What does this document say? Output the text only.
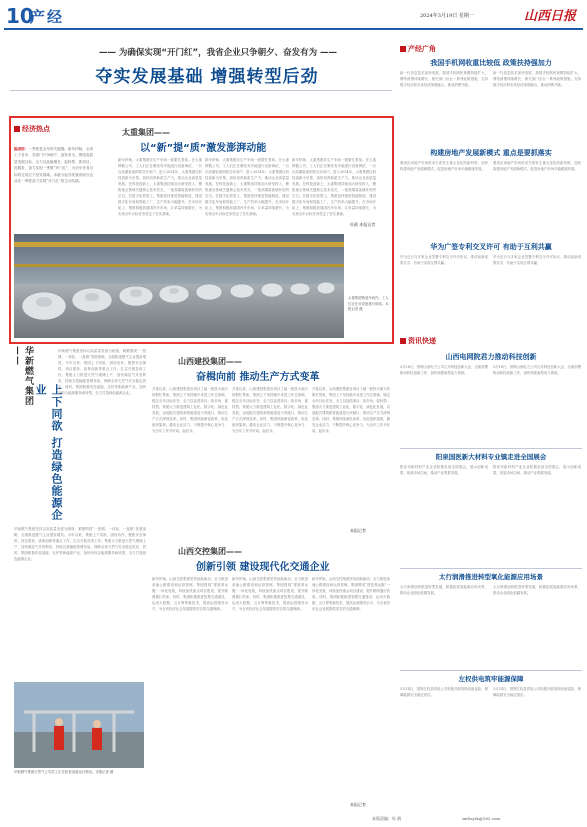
10
产经	2024年3月19日 星期一	山西日报
—— 为确保实现“开门红”，我省企业只争朝夕、奋发有为 ——
夺实发展基础 增强转型后劲
经济热点
编者按：一季度是全年的关键期。新年伊始，全省上下各市、各部门只争朝夕、奋发有为，围绕高质量发展目标，全力以赴稳增长、促转型、抓项目、优服务，奋力实现一季度“开门红”，为全年任务目标的完成打下坚实基础。本版今起刊发我省部分企业在一季度奋力实现“开门红”的生动实践。
太重集团——
以“新”提“质”激发澎湃动能
新年伊始，太重集团各生产车间一派繁忙景象。在太重铸锻公司，工人们正在紧张有序地进行设备调试，一台台高端装备即将交付用户。进入2024年，太重集团以科技创新为引领，加快培育新质生产力，推动企业高质量发展。在科技创新上，太重集团持续加大研发投入，聚焦重点领域关键核心技术攻关，一批高端装备填补国内空白。在数字化转型上，集团加快推进智能制造，建设数字化车间和智能工厂，生产效率大幅提升。在市场开拓上，集团积极拓展国内外市场，订单量持续增长，为实现全年目标任务奠定了坚实基础。
新年伊始，太重集团各生产车间一派繁忙景象。在太重铸锻公司，工人们正在紧张有序地进行设备调试，一台台高端装备即将交付用户。进入2024年，太重集团以科技创新为引领，加快培育新质生产力，推动企业高质量发展。在科技创新上，太重集团持续加大研发投入，聚焦重点领域关键核心技术攻关，一批高端装备填补国内空白。在数字化转型上，集团加快推进智能制造，建设数字化车间和智能工厂，生产效率大幅提升。在市场开拓上，集团积极拓展国内外市场，订单量持续增长，为实现全年目标任务奠定了坚实基础。
新年伊始，太重集团各生产车间一派繁忙景象。在太重铸锻公司，工人们正在紧张有序地进行设备调试，一台台高端装备即将交付用户。进入2024年，太重集团以科技创新为引领，加快培育新质生产力，推动企业高质量发展。在科技创新上，太重集团持续加大研发投入，聚焦重点领域关键核心技术攻关，一批高端装备填补国内空白。在数字化转型上，集团加快推进智能制造，建设数字化车间和智能工厂，生产效率大幅提升。在市场开拓上，集团积极拓展国内外市场，订单量持续增长，为实现全年目标任务奠定了坚实基础。
杜鹃 本报记者
太重集团铸造车间内，工人们正在对设备进行调试。本报记者 摄
华新燃气集团——
上下同欲 打造绿色能源企业
华新燃气集团坚持以高质量发展为统领，紧紧围绕“一张网、一体化、一盘棋”发展战略，全面推进燃气主业提质增效。今年以来，集团上下同欲、团结协作，聚焦安全保供、项目建设、改革创新等重点工作，扎实开展各项工作。集团大力推进天然气增储上产，加快煤层气开发利用，持续完善输配管网布局，保障全省天然气安全稳定供应。同时，集团积极布局氢能、光伏等新能源产业，加快向综合能源服务商转型，全力打造绿色能源企业。
华新燃气集团坚持以高质量发展为统领，紧紧围绕“一张网、一体化、一盘棋”发展战略，全面推进燃气主业提质增效。今年以来，集团上下同欲、团结协作，聚焦安全保供、项目建设、改革创新等重点工作，扎实开展各项工作。集团大力推进天然气增储上产，加快煤层气开发利用，持续完善输配管网布局，保障全省天然气安全稳定供应。同时，集团积极布局氢能、光伏等新能源产业，加快向综合能源服务商转型，全力打造绿色能源企业。
华新燃气集团天然气公司员工正在检查设备运行情况。本报记者 摄
山西建投集团——
奋楫向前 推动生产方式变革
开春以来，山西建投集团各项目工地一派热火朝天的繁忙景象。集团上下坚持稳中求进工作总基调，锚定全年目标任务，全力以赴抓项目、拓市场、促转型。集团大力推进建筑工业化、数字化、绿色化发展，以装配式建筑和智能建造为突破口，推动生产方式深刻变革。同时，集团持续深化改革，优化组织架构，激发企业活力，不断提升核心竞争力，为全年工作开好局、起好步。
开春以来，山西建投集团各项目工地一派热火朝天的繁忙景象。集团上下坚持稳中求进工作总基调，锚定全年目标任务，全力以赴抓项目、拓市场、促转型。集团大力推进建筑工业化、数字化、绿色化发展，以装配式建筑和智能建造为突破口，推动生产方式深刻变革。同时，集团持续深化改革，优化组织架构，激发企业活力，不断提升核心竞争力，为全年工作开好局、起好步。
开春以来，山西建投集团各项目工地一派热火朝天的繁忙景象。集团上下坚持稳中求进工作总基调，锚定全年目标任务，全力以赴抓项目、拓市场、促转型。集团大力推进建筑工业化、数字化、绿色化发展，以装配式建筑和智能建造为突破口，推动生产方式深刻变革。同时，集团持续深化改革，优化组织架构，激发企业活力，不断提升核心竞争力，为全年工作开好局、起好步。
本报记者
山西交控集团——
创新引领 建设现代化交通企业
新年伊始，山西交控集团坚持创新驱动，全力推进高速公路建设和运营管理。集团围绕“建管养运服”一体化发展，持续加快重点项目建设，提升路网通行效率。同时，集团积极推进智慧交通建设，运用大数据、云计算等新技术，提高运营服务水平，为全省经济社会发展提供坚实的交通保障。
新年伊始，山西交控集团坚持创新驱动，全力推进高速公路建设和运营管理。集团围绕“建管养运服”一体化发展，持续加快重点项目建设，提升路网通行效率。同时，集团积极推进智慧交通建设，运用大数据、云计算等新技术，提高运营服务水平，为全省经济社会发展提供坚实的交通保障。
新年伊始，山西交控集团坚持创新驱动，全力推进高速公路建设和运营管理。集团围绕“建管养运服”一体化发展，持续加快重点项目建设，提升路网通行效率。同时，集团积极推进智慧交通建设，运用大数据、云计算等新技术，提高运营服务水平，为全省经济社会发展提供坚实的交通保障。
本报记者
产经广角
我国手机网收重比较低 政策扶持强加力
新一代信息技术加快发展，我国手机网民规模持续扩大，网络消费持续增长。相关部门出台一系列政策措施，支持数字经济和实体经济深度融合，推动消费升级。
新一代信息技术加快发展，我国手机网民规模持续扩大，网络消费持续增长。相关部门出台一系列政策措施，支持数字经济和实体经济深度融合，推动消费升级。
构建房地产发展新模式 重点是要抓落实
要适应房地产市场供求关系发生重大变化的新形势，加快构建房地产发展新模式，促进房地产市场平稳健康发展。
要适应房地产市场供求关系发生重大变化的新形势，加快构建房地产发展新模式，促进房地产市场平稳健康发展。
华为广签专利交叉许可 有助于互利共赢
华为近日与多家企业签署专利交叉许可协议，推动创新成果共享，有助于实现互利共赢。
华为近日与多家企业签署专利交叉许可协议，推动创新成果共享，有助于实现互利共赢。
资讯快递
山西电网院君力推动科技创新
3月18日，国网山西电力公司召开科技创新大会，全面部署推动科技创新工作，加快构建新型电力系统。
3月18日，国网山西电力公司召开科技创新大会，全面部署推动科技创新工作，加快构建新型电力系统。
阳泉国医新大材料专业镇走进全国展会
阳泉市新材料产业企业积极参加全国展会，展示创新成果，拓展市场空间，推动产业集群发展。
阳泉市新材料产业企业积极参加全国展会，展示创新成果，拓展市场空间，推动产业集群发展。
太行润滑推进转型氧化能源应用场景
太行润滑加快推进转型发展，积极拓展氢能源应用场景，推动企业绿色低碳发展。
太行润滑加快推进转型发展，积极拓展氢能源应用场景，推动企业绿色低碳发展。
左权供电筑牢能源保障
3月14日，国网左权县供电公司积极开展电网设备巡检，保障能源安全稳定供应。
3月14日，国网左权县供电公司积极开展电网设备巡检，保障能源安全稳定供应。
本版责编：杜 鹃	sxrbcjzk@163.com
